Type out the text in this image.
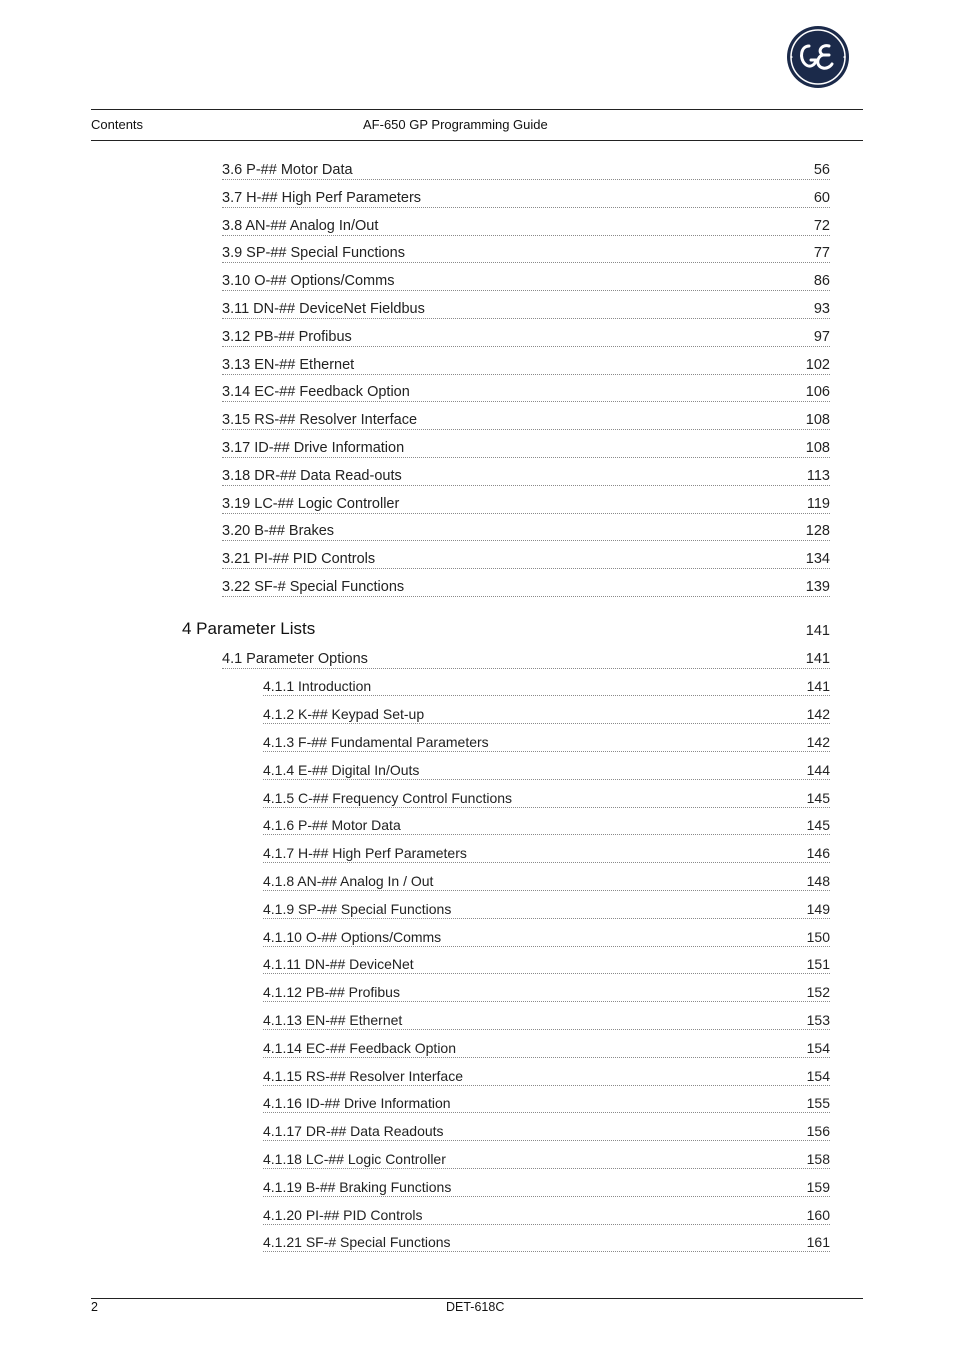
Contents	AF-650 GP Programming Guide
3.6 P-## Motor Data	56
3.7 H-## High Perf Parameters	60
3.8 AN-## Analog In/Out	72
3.9 SP-## Special Functions	77
3.10 O-## Options/Comms	86
3.11 DN-## DeviceNet Fieldbus	93
3.12 PB-## Profibus	97
3.13 EN-## Ethernet	102
3.14 EC-## Feedback Option	106
3.15 RS-## Resolver Interface	108
3.17 ID-## Drive Information	108
3.18 DR-## Data Read-outs	113
3.19 LC-## Logic Controller	119
3.20 B-## Brakes	128
3.21 PI-## PID Controls	134
3.22 SF-# Special Functions	139
4 Parameter Lists	141
4.1 Parameter Options	141
4.1.1 Introduction	141
4.1.2 K-## Keypad Set-up	142
4.1.3 F-## Fundamental Parameters	142
4.1.4 E-## Digital In/Outs	144
4.1.5 C-## Frequency Control Functions	145
4.1.6 P-## Motor Data	145
4.1.7 H-## High Perf Parameters	146
4.1.8 AN-## Analog In / Out	148
4.1.9 SP-## Special Functions	149
4.1.10 O-## Options/Comms	150
4.1.11 DN-## DeviceNet	151
4.1.12 PB-## Profibus	152
4.1.13 EN-## Ethernet	153
4.1.14 EC-## Feedback Option	154
4.1.15 RS-## Resolver Interface	154
4.1.16 ID-## Drive Information	155
4.1.17 DR-## Data Readouts	156
4.1.18 LC-## Logic Controller	158
4.1.19 B-## Braking Functions	159
4.1.20 PI-## PID Controls	160
4.1.21 SF-# Special Functions	161
2	DET-618C
